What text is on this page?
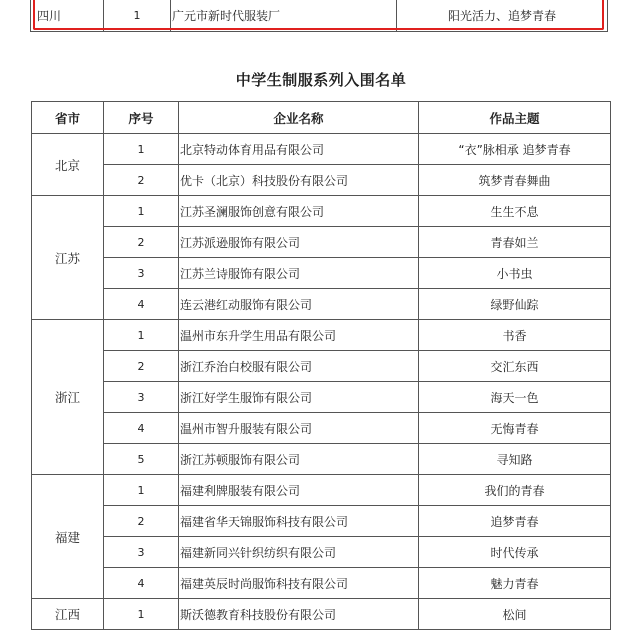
四川	1	广元市新时代服装厂	阳光活力、追梦青春
中学生制服系列入围名单
省市	序号	企业名称	作品主题
北京	1	北京特动体育用品有限公司	“衣”脉相承 追梦青春
	2	优卡（北京）科技股份有限公司	筑梦青春舞曲
江苏	1	江苏圣澜服饰创意有限公司	生生不息
	2	江苏派逊服饰有限公司	青春如兰
	3	江苏兰诗服饰有限公司	小书虫
	4	连云港红动服饰有限公司	绿野仙踪
浙江	1	温州市东升学生用品有限公司	书香
	2	浙江乔治白校服有限公司	交汇东西
	3	浙江好学生服饰有限公司	海天一色
	4	温州市智升服装有限公司	无悔青春
	5	浙江苏顿服饰有限公司	寻知路
福建	1	福建利牌服装有限公司	我们的青春
	2	福建省华天锦服饰科技有限公司	追梦青春
	3	福建新同兴针织纺织有限公司	时代传承
	4	福建英辰时尚服饰科技有限公司	魅力青春
江西	1	斯沃德教育科技股份有限公司	松间
